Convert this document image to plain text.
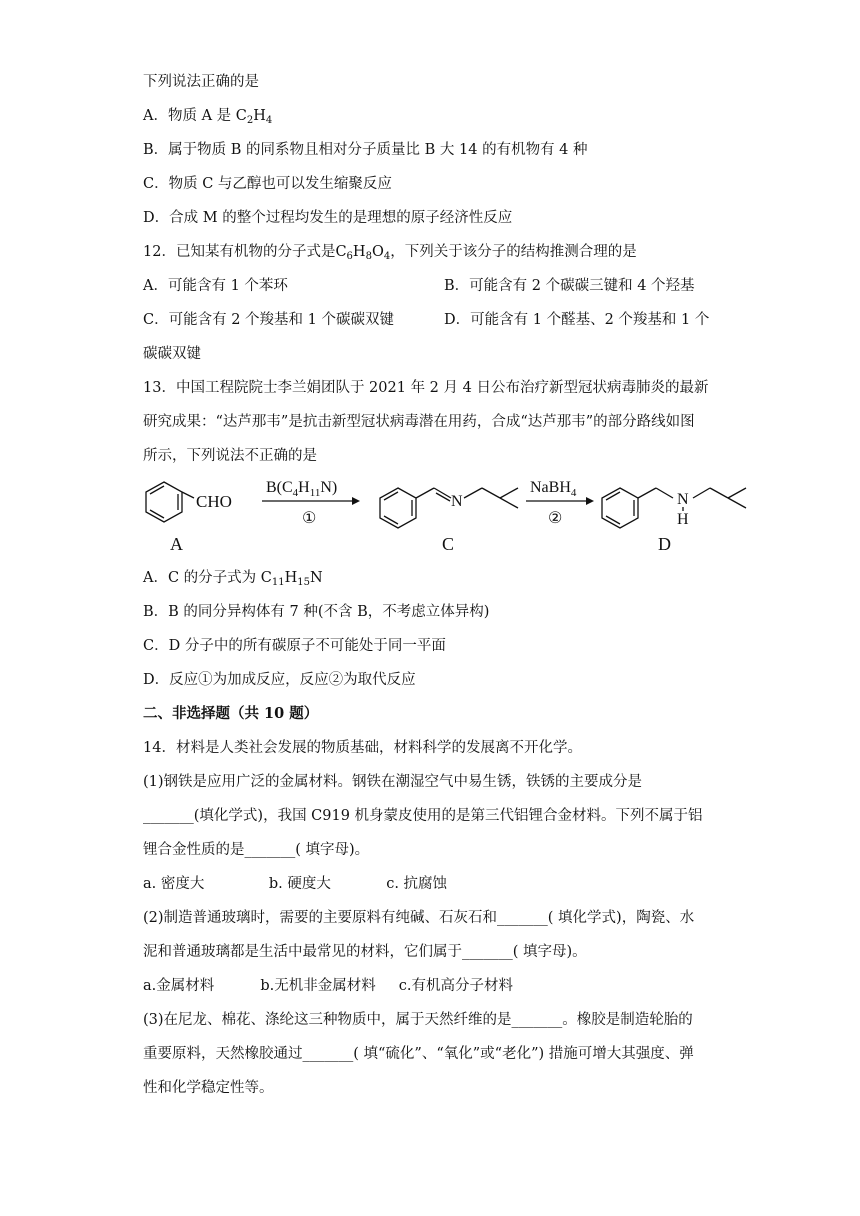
下列说法正确的是
A．物质 A 是 $C_2H_4$
B．属于物质 B 的同系物且相对分子质量比 B 大 14 的有机物有 4 种
C．物质 C 与乙醇也可以发生缩聚反应
D．合成 M 的整个过程均发生的是理想的原子经济性反应
12．已知某有机物的分子式是$C_6H_8O_4$，下列关于该分子的结构推测合理的是
A．可能含有 1 个苯环	B．可能含有 2 个碳碳三键和 4 个羟基
C．可能含有 2 个羧基和 1 个碳碳双键	D．可能含有 1 个醛基、2 个羧基和 1 个
碳碳双键
13．中国工程院院士李兰娟团队于 2021 年 2 月 4 日公布治疗新型冠状病毒肺炎的最新
研究成果：“达芦那韦”是抗击新型冠状病毒潜在用药，合成“达芦那韦”的部分路线如图
所示，下列说法不正确的是
CHO
$B(C_4H_{11}N)$
①
N
NaBH$_4$
②
N
H
A	C	D
A．C 的分子式为 $C_{11}H_{15}N$
B．B 的同分异构体有 7 种(不含 B，不考虑立体异构)
C．D 分子中的所有碳原子不可能处于同一平面
D．反应①为加成反应，反应②为取代反应
二、非选择题（共 10 题）
14．材料是人类社会发展的物质基础，材料科学的发展离不开化学。
(1)钢铁是应用广泛的金属材料。钢铁在潮湿空气中易生锈，铁锈的主要成分是
_______(填化学式)，我国 C919 机身蒙皮使用的是第三代铝锂合金材料。下列不属于铝
锂合金性质的是_______( 填字母)。
a. 密度大              b. 硬度大            c. 抗腐蚀
(2)制造普通玻璃时，需要的主要原料有纯碱、石灰石和_______( 填化学式)，陶瓷、水
泥和普通玻璃都是生活中最常见的材料，它们属于_______( 填字母)。
a.金属材料          b.无机非金属材料     c.有机高分子材料
(3)在尼龙、棉花、涤纶这三种物质中，属于天然纤维的是_______。橡胶是制造轮胎的
重要原料，天然橡胶通过_______( 填“硫化”、“氧化”或“老化”) 措施可增大其强度、弹
性和化学稳定性等。
